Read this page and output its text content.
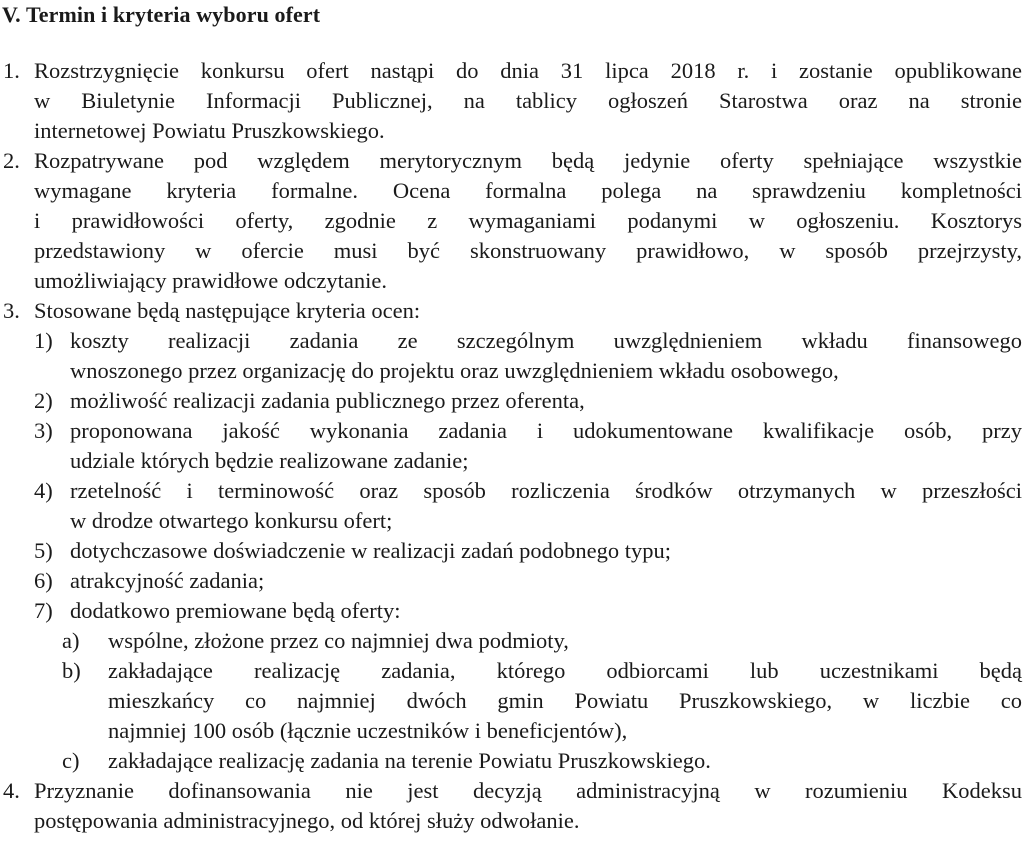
V. Termin i kryteria wyboru ofert
1. Rozstrzygnięcie konkursu ofert nastąpi do dnia 31 lipca 2018 r. i zostanie opublikowane
w Biuletynie Informacji Publicznej, na tablicy ogłoszeń Starostwa oraz na stronie
internetowej Powiatu Pruszkowskiego.
2. Rozpatrywane pod względem merytorycznym będą jedynie oferty spełniające wszystkie
wymagane kryteria formalne. Ocena formalna polega na sprawdzeniu kompletności
i prawidłowości oferty, zgodnie z wymaganiami podanymi w ogłoszeniu. Kosztorys
przedstawiony w ofercie musi być skonstruowany prawidłowo, w sposób przejrzysty,
umożliwiający prawidłowe odczytanie.
3. Stosowane będą następujące kryteria ocen:
1) koszty realizacji zadania ze szczególnym uwzględnieniem wkładu finansowego
wnoszonego przez organizację do projektu oraz uwzględnieniem wkładu osobowego,
2) możliwość realizacji zadania publicznego przez oferenta,
3) proponowana jakość wykonania zadania i udokumentowane kwalifikacje osób, przy
udziale których będzie realizowane zadanie;
4) rzetelność i terminowość oraz sposób rozliczenia środków otrzymanych w przeszłości
w drodze otwartego konkursu ofert;
5) dotychczasowe doświadczenie w realizacji zadań podobnego typu;
6) atrakcyjność zadania;
7) dodatkowo premiowane będą oferty:
a) wspólne, złożone przez co najmniej dwa podmioty,
b) zakładające realizację zadania, którego odbiorcami lub uczestnikami będą
mieszkańcy co najmniej dwóch gmin Powiatu Pruszkowskiego, w liczbie co
najmniej 100 osób (łącznie uczestników i beneficjentów),
c) zakładające realizację zadania na terenie Powiatu Pruszkowskiego.
4. Przyznanie dofinansowania nie jest decyzją administracyjną w rozumieniu Kodeksu
postępowania administracyjnego, od której służy odwołanie.
